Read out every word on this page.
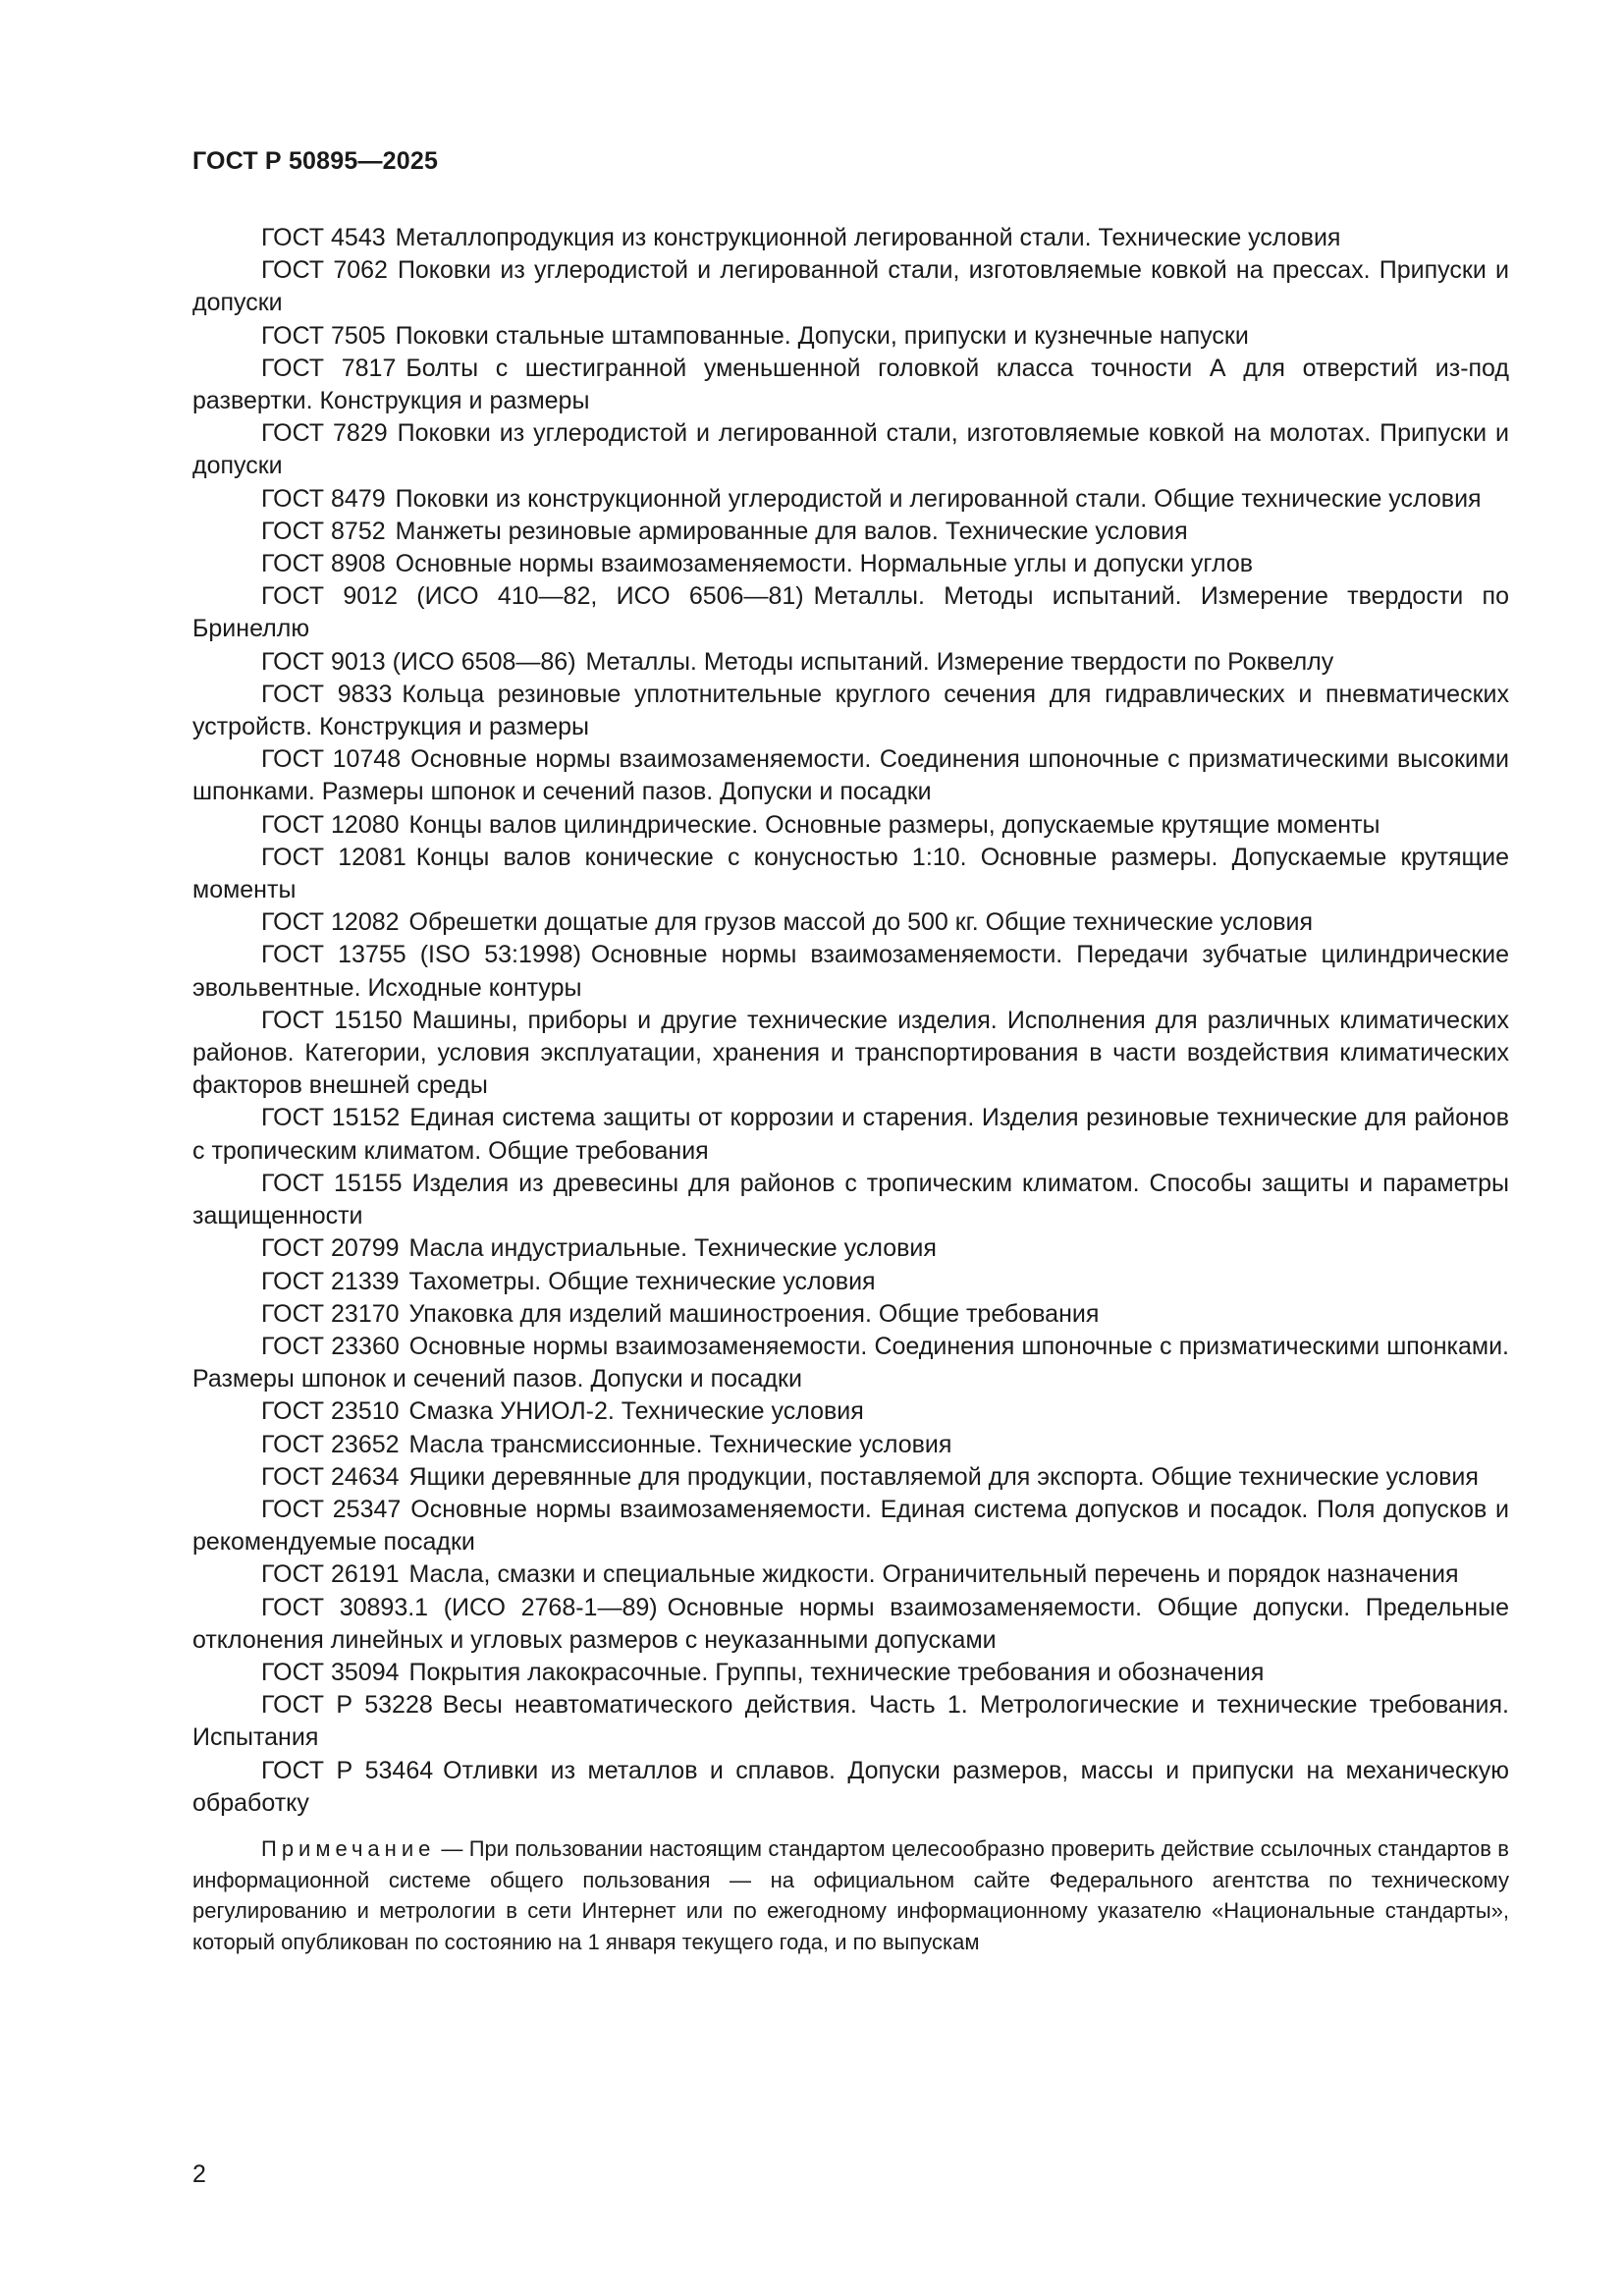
ГОСТ Р 50895—2025

ГОСТ 4543 Металлопродукция из конструкционной легированной стали. Технические условия

ГОСТ 7062 Поковки из углеродистой и легированной стали, изготовляемые ковкой на прессах. Припуски и допуски

ГОСТ 7505 Поковки стальные штампованные. Допуски, припуски и кузнечные напуски

ГОСТ 7817 Болты с шестигранной уменьшенной головкой класса точности А для отверстий из-под развертки. Конструкция и размеры

ГОСТ 7829 Поковки из углеродистой и легированной стали, изготовляемые ковкой на молотах. Припуски и допуски

ГОСТ 8479 Поковки из конструкционной углеродистой и легированной стали. Общие технические условия

ГОСТ 8752 Манжеты резиновые армированные для валов. Технические условия

ГОСТ 8908 Основные нормы взаимозаменяемости. Нормальные углы и допуски углов

ГОСТ 9012 (ИСО 410—82, ИСО 6506—81) Металлы. Методы испытаний. Измерение твердости по Бринеллю

ГОСТ 9013 (ИСО 6508—86) Металлы. Методы испытаний. Измерение твердости по Роквеллу

ГОСТ 9833 Кольца резиновые уплотнительные круглого сечения для гидравлических и пневматических устройств. Конструкция и размеры

ГОСТ 10748 Основные нормы взаимозаменяемости. Соединения шпоночные с призматическими высокими шпонками. Размеры шпонок и сечений пазов. Допуски и посадки

ГОСТ 12080 Концы валов цилиндрические. Основные размеры, допускаемые крутящие моменты

ГОСТ 12081 Концы валов конические с конусностью 1:10. Основные размеры. Допускаемые крутящие моменты

ГОСТ 12082 Обрешетки дощатые для грузов массой до 500 кг. Общие технические условия

ГОСТ 13755 (ISO 53:1998) Основные нормы взаимозаменяемости. Передачи зубчатые цилиндрические эвольвентные. Исходные контуры

ГОСТ 15150 Машины, приборы и другие технические изделия. Исполнения для различных климатических районов. Категории, условия эксплуатации, хранения и транспортирования в части воздействия климатических факторов внешней среды

ГОСТ 15152 Единая система защиты от коррозии и старения. Изделия резиновые технические для районов с тропическим климатом. Общие требования

ГОСТ 15155 Изделия из древесины для районов с тропическим климатом. Способы защиты и параметры защищенности

ГОСТ 20799 Масла индустриальные. Технические условия

ГОСТ 21339 Тахометры. Общие технические условия

ГОСТ 23170 Упаковка для изделий машиностроения. Общие требования

ГОСТ 23360 Основные нормы взаимозаменяемости. Соединения шпоночные с призматическими шпонками. Размеры шпонок и сечений пазов. Допуски и посадки

ГОСТ 23510 Смазка УНИОЛ-2. Технические условия

ГОСТ 23652 Масла трансмиссионные. Технические условия

ГОСТ 24634 Ящики деревянные для продукции, поставляемой для экспорта. Общие технические условия

ГОСТ 25347 Основные нормы взаимозаменяемости. Единая система допусков и посадок. Поля допусков и рекомендуемые посадки

ГОСТ 26191 Масла, смазки и специальные жидкости. Ограничительный перечень и порядок назначения

ГОСТ 30893.1 (ИСО 2768-1—89) Основные нормы взаимозаменяемости. Общие допуски. Предельные отклонения линейных и угловых размеров с неуказанными допусками

ГОСТ 35094 Покрытия лакокрасочные. Группы, технические требования и обозначения

ГОСТ Р 53228 Весы неавтоматического действия. Часть 1. Метрологические и технические требования. Испытания

ГОСТ Р 53464 Отливки из металлов и сплавов. Допуски размеров, массы и припуски на механическую обработку

Примечание — При пользовании настоящим стандартом целесообразно проверить действие ссылочных стандартов в информационной системе общего пользования — на официальном сайте Федерального агентства по техническому регулированию и метрологии в сети Интернет или по ежегодному информационному указателю «Национальные стандарты», который опубликован по состоянию на 1 января текущего года, и по выпускам

2
